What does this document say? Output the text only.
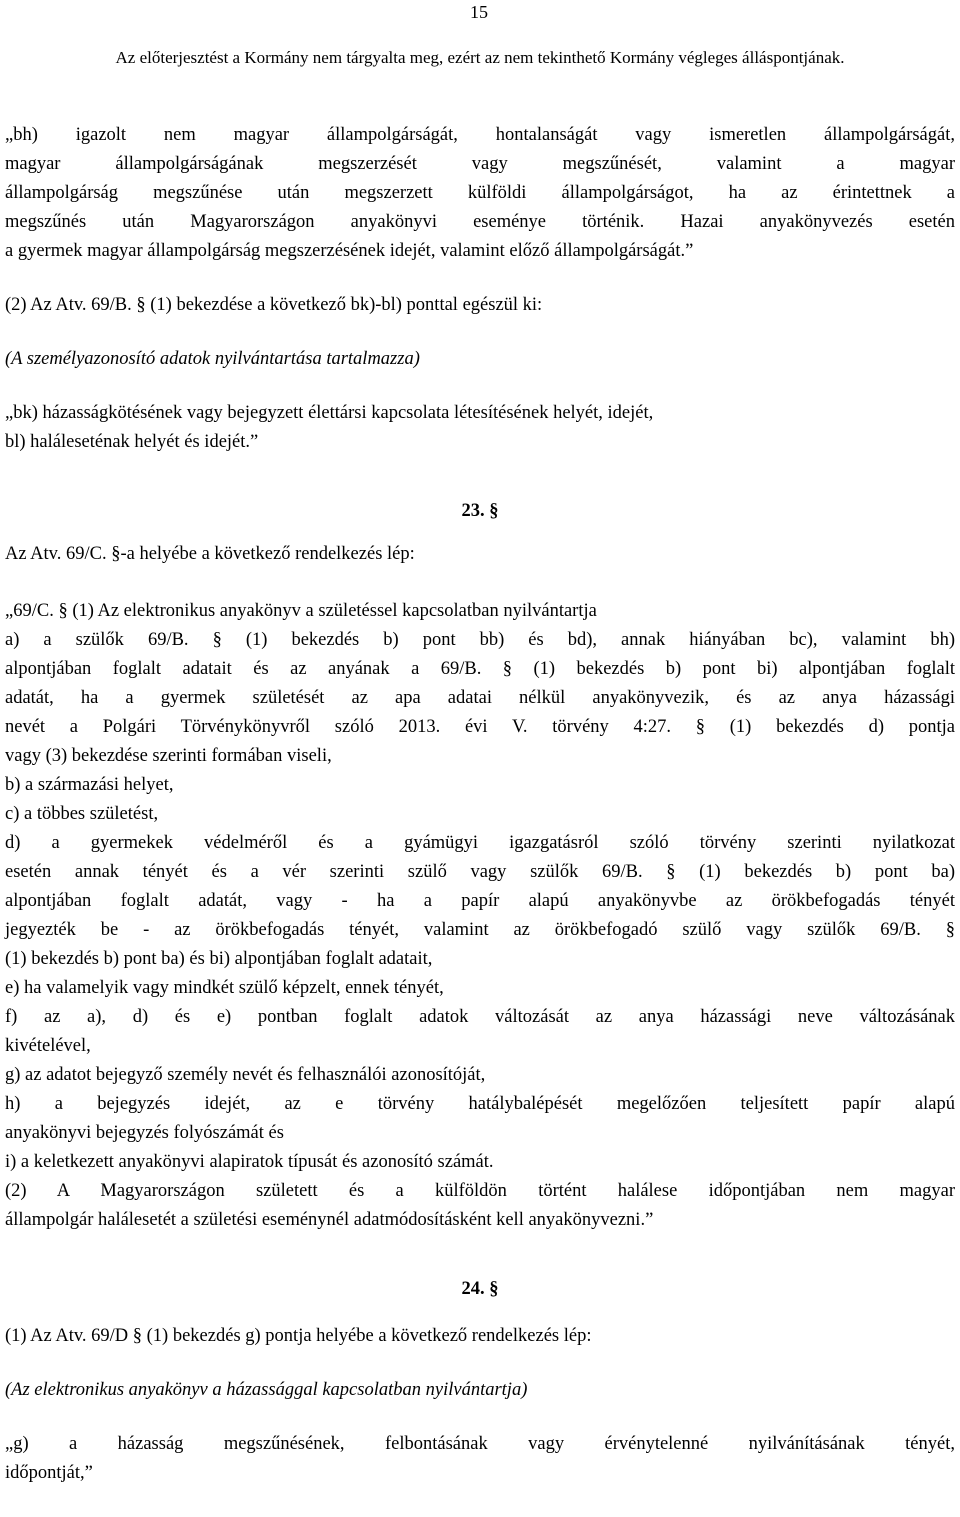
15
Az előterjesztést a Kormány nem tárgyalta meg, ezért az nem tekinthető Kormány végleges álláspontjának.
„bh) igazolt nem magyar állampolgárságát, hontalanságát vagy ismeretlen állampolgárságát,
magyar állampolgárságának megszerzését vagy megszűnését, valamint a magyar
állampolgárság megszűnése után megszerzett külföldi állampolgárságot, ha az érintettnek a
megszűnés után Magyarországon anyakönyvi eseménye történik. Hazai anyakönyvezés esetén
a gyermek magyar állampolgárság megszerzésének idejét, valamint előző állampolgárságát.”
(2) Az Atv. 69/B. § (1) bekezdése a következő bk)-bl) ponttal egészül ki:
(A személyazonosító adatok nyilvántartása tartalmazza)
„bk) házasságkötésének vagy bejegyzett élettársi kapcsolata létesítésének helyét, idejét,
bl) haláleseténak helyét és idejét.”
23. §
Az Atv. 69/C. §-a helyébe a következő rendelkezés lép:
„69/C. § (1) Az elektronikus anyakönyv a születéssel kapcsolatban nyilvántartja
a) a szülők 69/B. § (1) bekezdés b) pont bb) és bd), annak hiányában bc), valamint bh)
alpontjában foglalt adatait és az anyának a 69/B. § (1) bekezdés b) pont bi) alpontjában foglalt
adatát, ha a gyermek születését az apa adatai nélkül anyakönyvezik, és az anya házassági
nevét a Polgári Törvénykönyvről szóló 2013. évi V. törvény 4:27. § (1) bekezdés d) pontja
vagy (3) bekezdése szerinti formában viseli,
b) a származási helyet,
c) a többes születést,
d) a gyermekek védelméről és a gyámügyi igazgatásról szóló törvény szerinti nyilatkozat
esetén annak tényét és a vér szerinti szülő vagy szülők 69/B. § (1) bekezdés b) pont ba)
alpontjában foglalt adatát, vagy - ha a papír alapú anyakönyvbe az örökbefogadás tényét
jegyezték be - az örökbefogadás tényét, valamint az örökbefogadó szülő vagy szülők 69/B. §
(1) bekezdés b) pont ba) és bi) alpontjában foglalt adatait,
e) ha valamelyik vagy mindkét szülő képzelt, ennek tényét,
f) az a), d) és e) pontban foglalt adatok változását az anya házassági neve változásának
kivételével,
g) az adatot bejegyző személy nevét és felhasználói azonosítóját,
h) a bejegyzés idejét, az e törvény hatálybalépését megelőzően teljesített papír alapú
anyakönyvi bejegyzés folyószámát és
i) a keletkezett anyakönyvi alapiratok típusát és azonosító számát.
(2) A Magyarországon született és a külföldön történt halálese időpontjában nem magyar
állampolgár halálesetét a születési eseménynél adatmódosításként kell anyakönyvezni.”
24. §
(1) Az Atv. 69/D § (1) bekezdés g) pontja helyébe a következő rendelkezés lép:
(Az elektronikus anyakönyv a házassággal kapcsolatban nyilvántartja)
„g) a házasság megszűnésének, felbontásának vagy érvénytelenné nyilvánításának tényét,
időpontját,”
